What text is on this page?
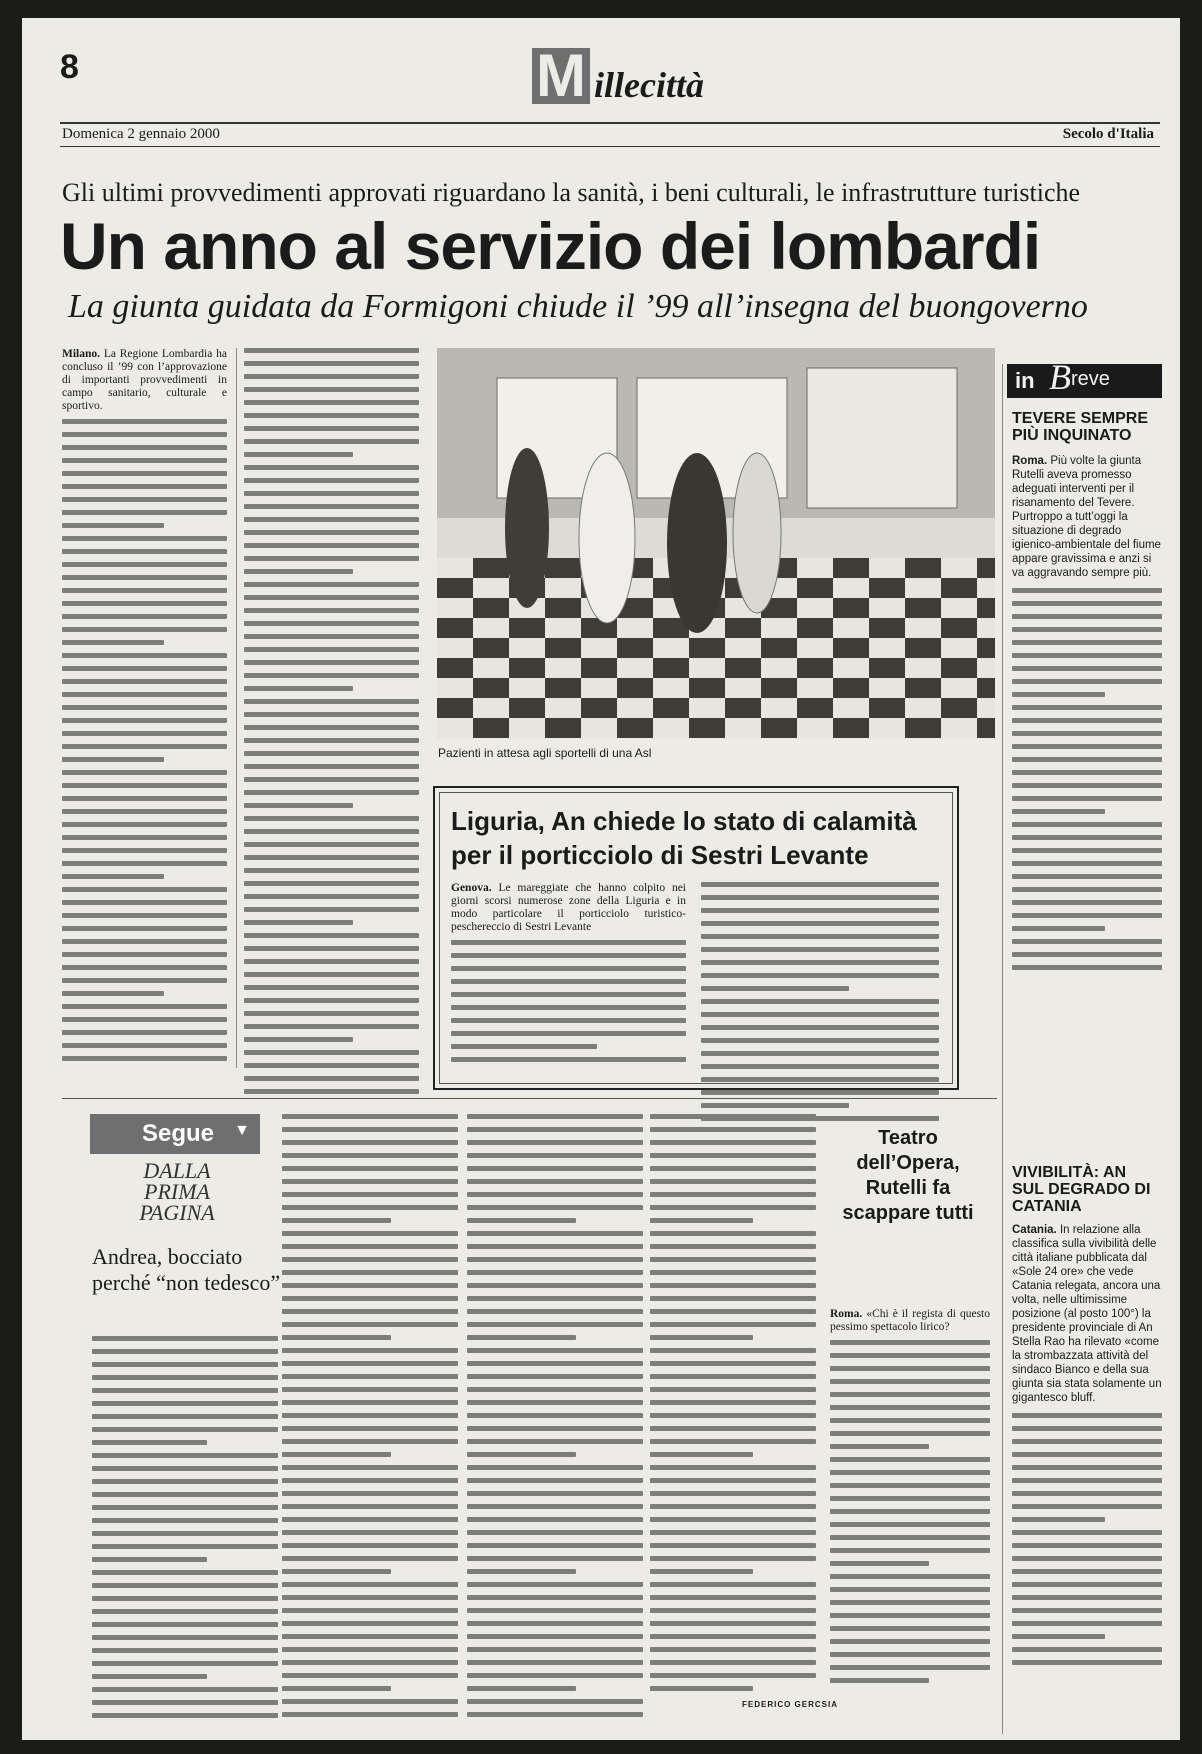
8	M illecittà
Domenica 2 gennaio 2000	Secolo d'Italia
Gli ultimi provvedimenti approvati riguardano la sanità, i beni culturali, le infrastrutture turistiche
Un anno al servizio dei lombardi
La giunta guidata da Formigoni chiude il ’99 all’insegna del buongoverno
Milano. La Regione Lombardia ha concluso il ’99 con l’approvazione di importanti provvedimenti in campo sanitario, culturale e sportivo.
Pazienti in attesa agli sportelli di una Asl
Liguria, An chiede lo stato di calamità per il porticciolo di Sestri Levante
Genova. Le mareggiate che hanno colpito nei giorni scorsi numerose zone della Liguria e in modo particolare il porticciolo turistico-peschereccio di Sestri Levante
in B reve
TEVERE SEMPRE PIÙ INQUINATO
Roma. Più volte la giunta Rutelli aveva promesso adeguati interventi per il risanamento del Tevere. Purtroppo a tutt’oggi la situazione di degrado igienico-ambientale del fiume appare gravissima e anzi si va aggravando sempre più.
VIVIBILITÀ: AN SUL DEGRADO DI CATANIA
Catania. In relazione alla classifica sulla vivibilità delle città italiane pubblicata dal «Sole 24 ore» che vede Catania relegata, ancora una volta, nelle ultimissime posizione (al posto 100°) la presidente provinciale di An Stella Rao ha rilevato «come la strombazzata attività del sindaco Bianco e della sua giunta sia stata solamente un gigantesco bluff.
Segue ▼
DALLA
PRIMA
PAGINA
Andrea, bocciato perché “non tedesco”
FEDERICO GERCSIA
Teatro dell’Opera, Rutelli fa scappare tutti
Roma. «Chi è il regista di questo pessimo spettacolo lirico?
